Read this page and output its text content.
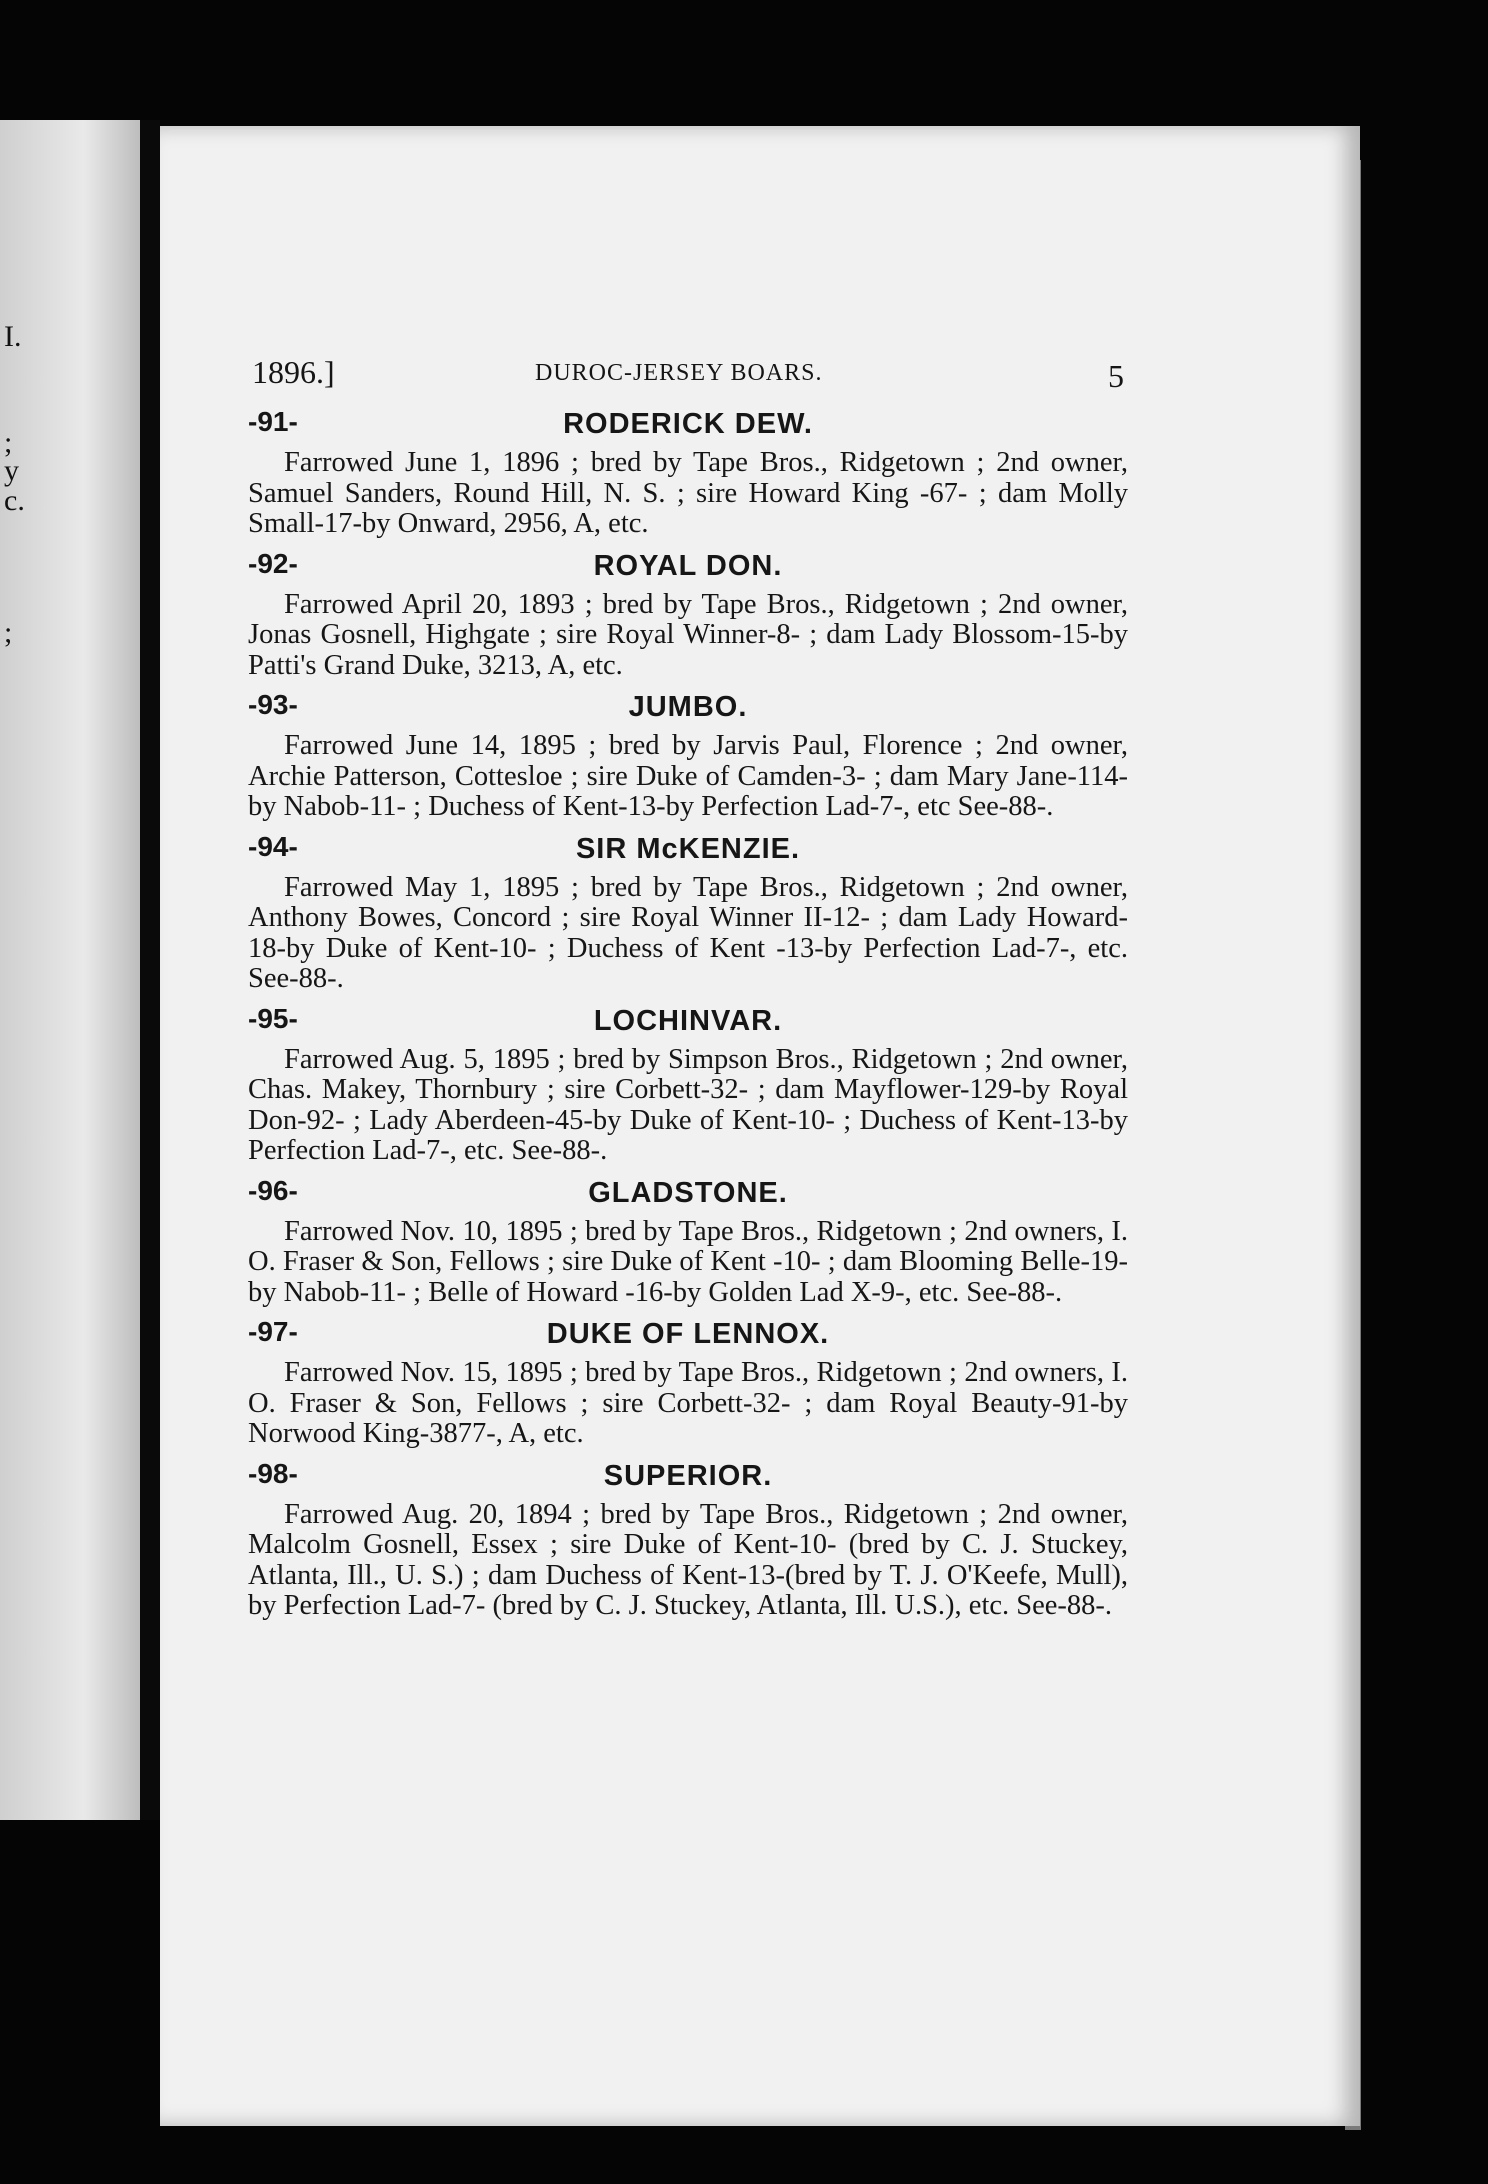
I.
;
y
c.
;
1896.]	DUROC-JERSEY BOARS.	5
-91-	RODERICK DEW.

Farrowed June 1, 1896 ; bred by Tape Bros., Ridgetown ; 2nd owner, Samuel Sanders, Round Hill, N. S. ; sire Howard King -67- ; dam Molly Small-17-by Onward, 2956, A, etc.

-92-	ROYAL DON.

Farrowed April 20, 1893 ; bred by Tape Bros., Ridgetown ; 2nd owner, Jonas Gosnell, Highgate ; sire Royal Winner-8- ; dam Lady Blossom-15-by Patti's Grand Duke, 3213, A, etc.

-93-	JUMBO.

Farrowed June 14, 1895 ; bred by Jarvis Paul, Florence ; 2nd owner, Archie Patterson, Cottesloe ; sire Duke of Camden-3- ; dam Mary Jane-114-by Nabob-11- ; Duchess of Kent-13-by Perfection Lad-7-, etc See-88-.

-94-	SIR McKENZIE.

Farrowed May 1, 1895 ; bred by Tape Bros., Ridgetown ; 2nd owner, Anthony Bowes, Concord ; sire Royal Winner II-12- ; dam Lady Howard-18-by Duke of Kent-10- ; Duchess of Kent -13-by Perfection Lad-7-, etc. See-88-.

-95-	LOCHINVAR.

Farrowed Aug. 5, 1895 ; bred by Simpson Bros., Ridgetown ; 2nd owner, Chas. Makey, Thornbury ; sire Corbett-32- ; dam Mayflower-129-by Royal Don-92- ; Lady Aberdeen-45-by Duke of Kent-10- ; Duchess of Kent-13-by Perfection Lad-7-, etc. See-88-.

-96-	GLADSTONE.

Farrowed Nov. 10, 1895 ; bred by Tape Bros., Ridgetown ; 2nd owners, I. O. Fraser & Son, Fellows ; sire Duke of Kent -10- ; dam Blooming Belle-19-by Nabob-11- ; Belle of Howard -16-by Golden Lad X-9-, etc. See-88-.

-97-	DUKE OF LENNOX.

Farrowed Nov. 15, 1895 ; bred by Tape Bros., Ridgetown ; 2nd owners, I. O. Fraser & Son, Fellows ; sire Corbett-32- ; dam Royal Beauty-91-by Norwood King-3877-, A, etc.

-98-	SUPERIOR.

Farrowed Aug. 20, 1894 ; bred by Tape Bros., Ridgetown ; 2nd owner, Malcolm Gosnell, Essex ; sire Duke of Kent-10- (bred by C. J. Stuckey, Atlanta, Ill., U. S.) ; dam Duchess of Kent-13-(bred by T. J. O'Keefe, Mull), by Perfection Lad-7- (bred by C. J. Stuckey, Atlanta, Ill. U.S.), etc. See-88-.
